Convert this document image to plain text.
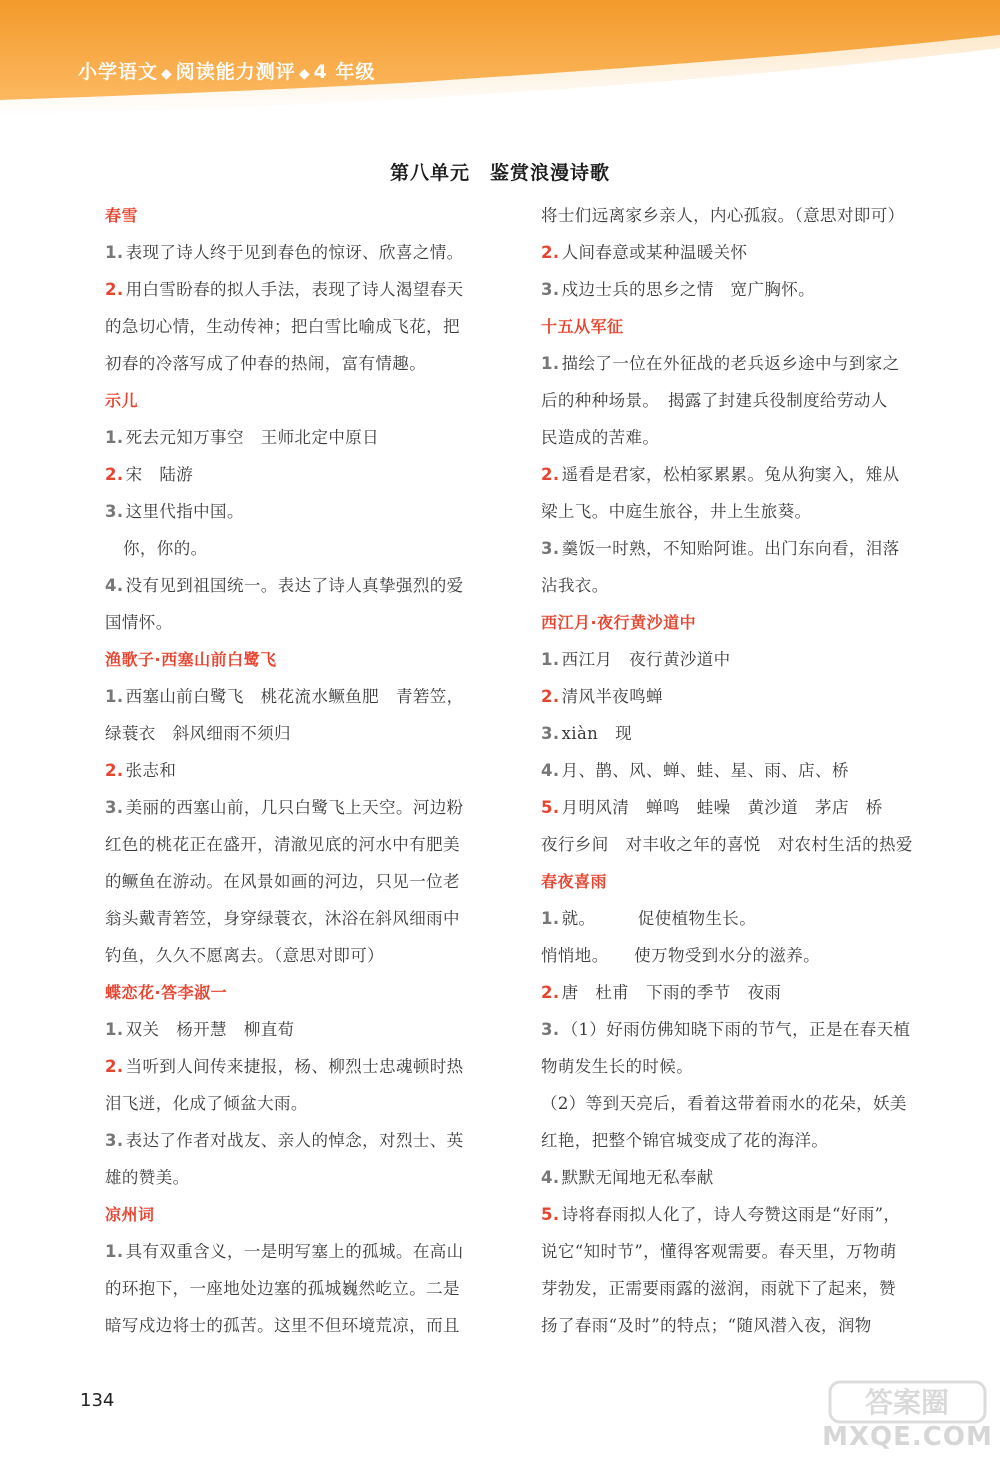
小学语文 ◆ 阅读能力测评 ◆ 4 年级
第八单元　鉴赏浪漫诗歌
春雪
1. 表现了诗人终于见到春色的惊讶、欣喜之情。
2. 用白雪盼春的拟人手法，表现了诗人渴望春天
的急切心情，生动传神；把白雪比喻成飞花，把
初春的冷落写成了仲春的热闹，富有情趣。
示儿
1. 死去元知万事空　王师北定中原日
2. 宋　陆游
3. 这里代指中国。
你，你的。
4. 没有见到祖国统一。表达了诗人真挚强烈的爱
国情怀。
渔歌子·西塞山前白鹭飞
1. 西塞山前白鹭飞　桃花流水鳜鱼肥　青箬笠，
绿蓑衣　斜风细雨不须归
2. 张志和
3. 美丽的西塞山前，几只白鹭飞上天空。河边粉
红色的桃花正在盛开，清澈见底的河水中有肥美
的鳜鱼在游动。在风景如画的河边，只见一位老
翁头戴青箬笠，身穿绿蓑衣，沐浴在斜风细雨中
钓鱼，久久不愿离去。（意思对即可）
蝶恋花·答李淑一
1. 双关　杨开慧　柳直荀
2. 当听到人间传来捷报，杨、柳烈士忠魂顿时热
泪飞迸，化成了倾盆大雨。
3. 表达了作者对战友、亲人的悼念，对烈士、英
雄的赞美。
凉州词
1. 具有双重含义，一是明写塞上的孤城。在高山
的环抱下，一座地处边塞的孤城巍然屹立。二是
暗写戍边将士的孤苦。这里不但环境荒凉，而且
将士们远离家乡亲人，内心孤寂。（意思对即可）
2. 人间春意或某种温暖关怀
3. 戍边士兵的思乡之情　宽广胸怀。
十五从军征
1. 描绘了一位在外征战的老兵返乡途中与到家之
后的种种场景。　揭露了封建兵役制度给劳动人
民造成的苦难。
2. 遥看是君家，松柏冢累累。兔从狗窦入，雉从
梁上飞。中庭生旅谷，井上生旅葵。
3. 羹饭一时熟，不知贻阿谁。出门东向看，泪落
沾我衣。
西江月·夜行黄沙道中
1. 西江月　夜行黄沙道中
2. 清风半夜鸣蝉
3. xiàn　现
4. 月、鹊、风、蝉、蛙、星、雨、店、桥
5. 月明风清　蝉鸣　蛙噪　黄沙道　茅店　桥
夜行乡间　对丰收之年的喜悦　对农村生活的热爱
春夜喜雨
1. 就。　　　促使植物生长。
悄悄地。　　使万物受到水分的滋养。
2. 唐　杜甫　下雨的季节　夜雨
3. （1）好雨仿佛知晓下雨的节气，正是在春天植
物萌发生长的时候。
（2）等到天亮后，看着这带着雨水的花朵，妖美
红艳，把整个锦官城变成了花的海洋。
4. 默默无闻地无私奉献
5. 诗将春雨拟人化了，诗人夸赞这雨是“好雨”，
说它“知时节”，懂得客观需要。春天里，万物萌
芽勃发，正需要雨露的滋润，雨就下了起来，赞
扬了春雨“及时”的特点；“随风潜入夜，润物
134	答案圈
MXQE.COM
